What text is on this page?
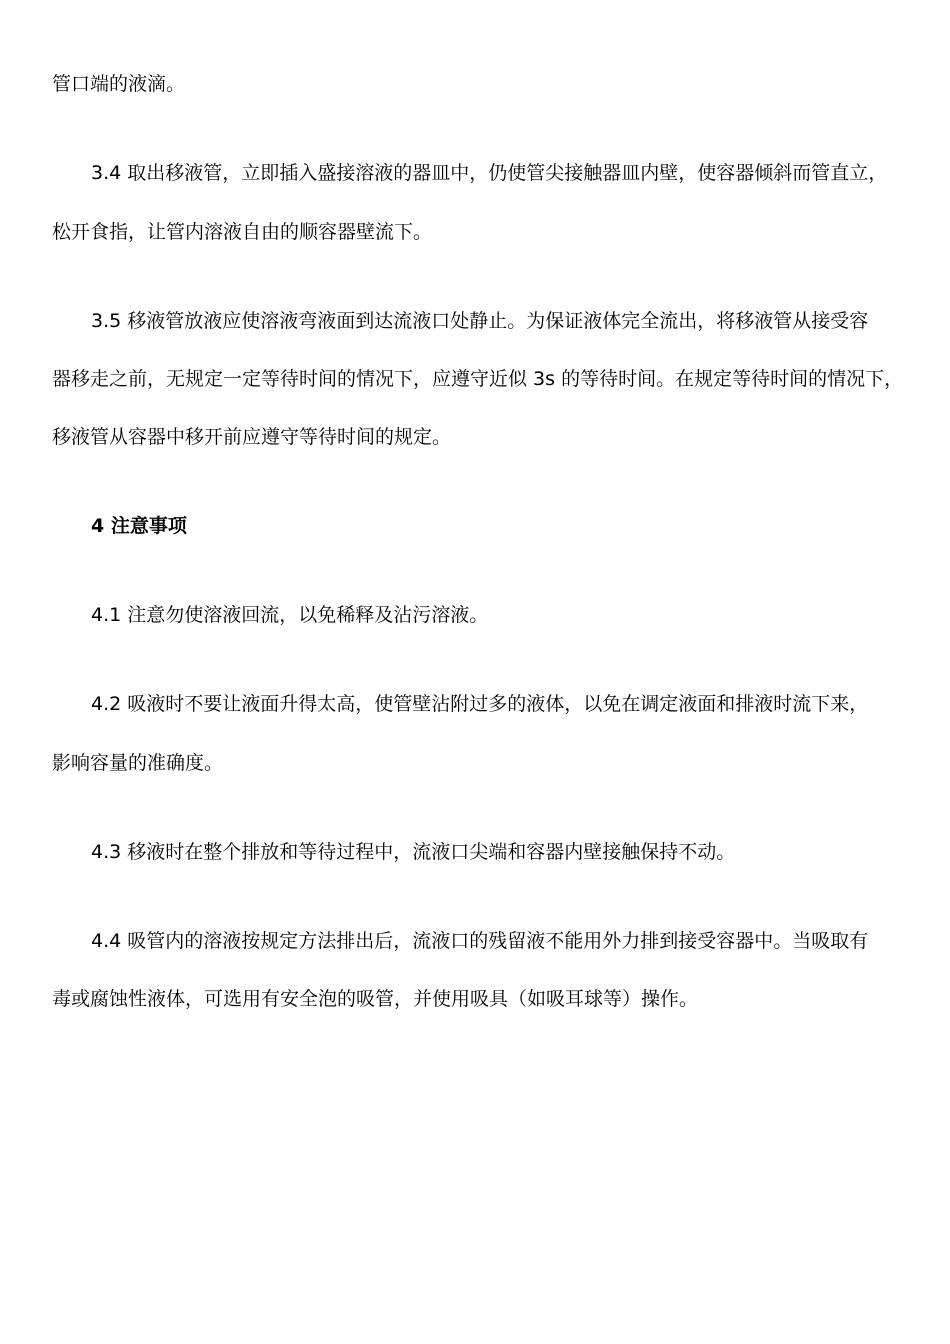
管口端的液滴。
3.4 取出移液管，立即插入盛接溶液的器皿中，仍使管尖接触器皿内壁，使容器倾斜而管直立，
松开食指，让管内溶液自由的顺容器壁流下。
3.5 移液管放液应使溶液弯液面到达流液口处静止。为保证液体完全流出，将移液管从接受容
器移走之前，无规定一定等待时间的情况下，应遵守近似 3s 的等待时间。在规定等待时间的情况下，
移液管从容器中移开前应遵守等待时间的规定。
4 注意事项
4.1 注意勿使溶液回流，以免稀释及沾污溶液。
4.2 吸液时不要让液面升得太高，使管壁沾附过多的液体，以免在调定液面和排液时流下来，
影响容量的准确度。
4.3 移液时在整个排放和等待过程中，流液口尖端和容器内壁接触保持不动。
4.4 吸管内的溶液按规定方法排出后，流液口的残留液不能用外力排到接受容器中。当吸取有
毒或腐蚀性液体，可选用有安全泡的吸管，并使用吸具（如吸耳球等）操作。
